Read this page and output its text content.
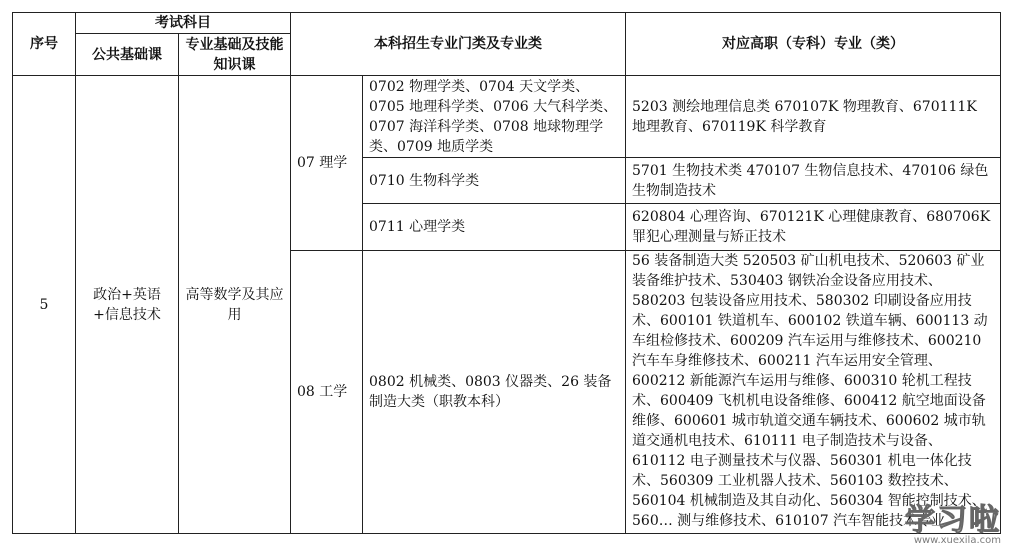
序号	考试科目		本科招生专业门类及专业类		对应高职（专科）专业（类）
	公共基础课	专业基础及技能知识课			
5	政治+英语+信息技术	高等数学及其应用	07 理学	0702 物理学类、0704 天文学类、0705 地理科学类、0706 大气科学类、0707 海洋科学类、0708 地球物理学类、0709 地质学类	5203 测绘地理信息类 670107K 物理教育、670111K 地理教育、670119K 科学教育
				0710 生物科学类	5701 生物技术类 470107 生物信息技术、470106 绿色生物制造技术
				0711 心理学类	620804 心理咨询、670121K 心理健康教育、680706K 罪犯心理测量与矫正技术
			08 工学	0802 机械类、0803 仪器类、26 装备制造大类（职教本科）	56 装备制造大类 520503 矿山机电技术、520603 矿业装备维护技术、530403 钢铁冶金设备应用技术、580203 包装设备应用技术、580302 印刷设备应用技术、600101 铁道机车、600102 铁道车辆、600113 动车组检修技术、600209 汽车运用与维修技术、600210 汽车车身维修技术、600211 汽车运用安全管理、600212 新能源汽车运用与维修、600310 轮机工程技术、600409 飞机机电设备维修、600412 航空地面设备维修、600601 城市轨道交通车辆技术、600602 城市轨道交通机电技术、610111 电子制造技术与设备、610112 电子测量技术与仪器、560301 机电一体化技术、560309 工业机器人技术、560103 数控技术、560104 机械制造及其自动化、560304 智能控制技术、560… 测与维修技术、610107 汽车智能技术专业
学习啦
www.xuexila.com
